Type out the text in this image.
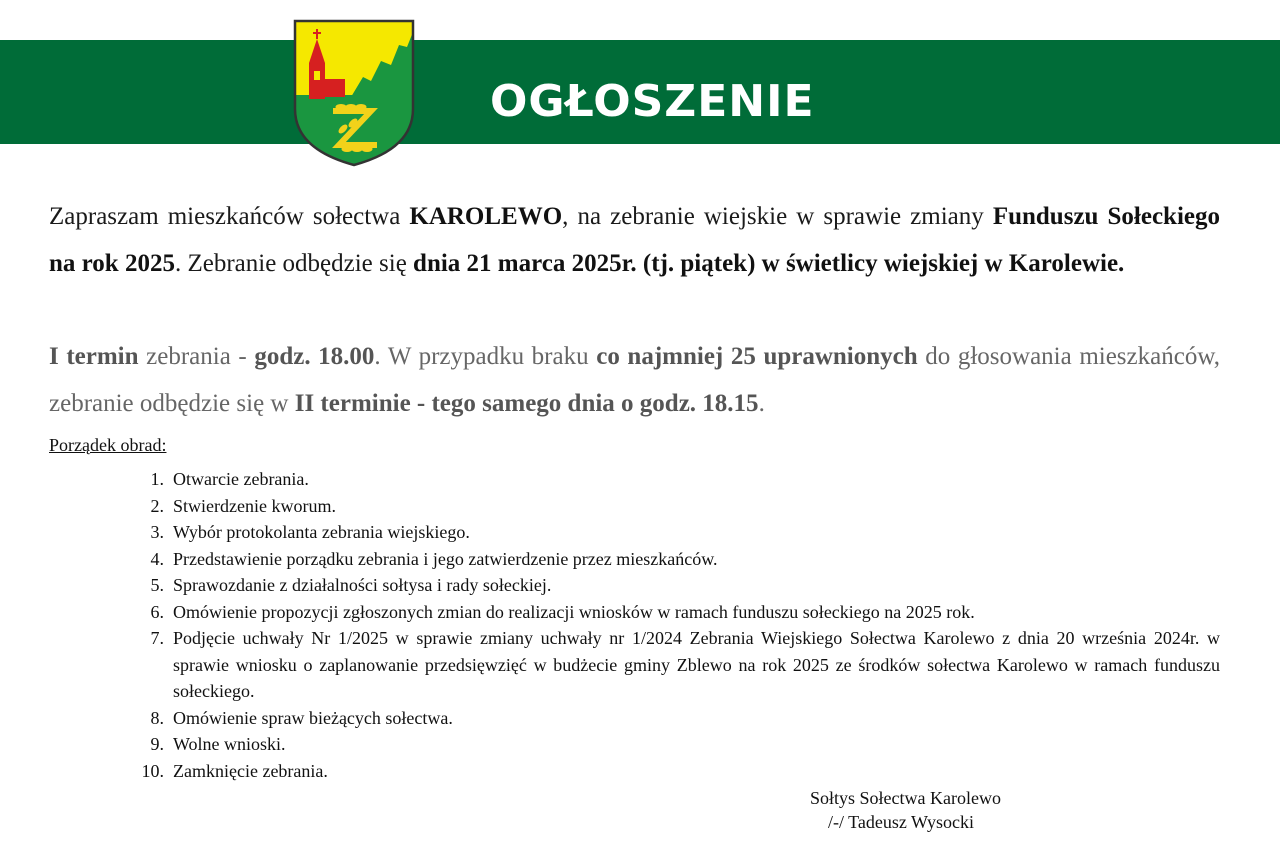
OGŁOSZENIE

Zapraszam mieszkańców sołectwa KAROLEWO, na zebranie wiejskie w sprawie zmiany Funduszu Sołeckiego na rok 2025. Zebranie odbędzie się dnia 21 marca 2025r. (tj. piątek) w świetlicy wiejskiej w Karolewie.

I termin zebrania - godz. 18.00. W przypadku braku co najmniej 25 uprawnionych do głosowania mieszkańców, zebranie odbędzie się w II terminie - tego samego dnia o godz. 18.15.

Porządek obrad:

1. Otwarcie zebrania.
2. Stwierdzenie kworum.
3. Wybór protokolanta zebrania wiejskiego.
4. Przedstawienie porządku zebrania i jego zatwierdzenie przez mieszkańców.
5. Sprawozdanie z działalności sołtysa i rady sołeckiej.
6. Omówienie propozycji zgłoszonych zmian do realizacji wniosków w ramach funduszu sołeckiego na 2025 rok.
7. Podjęcie uchwały Nr 1/2025 w sprawie zmiany uchwały nr 1/2024 Zebrania Wiejskiego Sołectwa Karolewo z dnia 20 września 2024r. w sprawie wniosku o zaplanowanie przedsięwzięć w budżecie gminy Zblewo na rok 2025 ze środków sołectwa Karolewo w ramach funduszu sołeckiego.
8. Omówienie spraw bieżących sołectwa.
9. Wolne wnioski.
10. Zamknięcie zebrania.
Sołtys Sołectwa Karolewo
/-/ Tadeusz Wysocki
